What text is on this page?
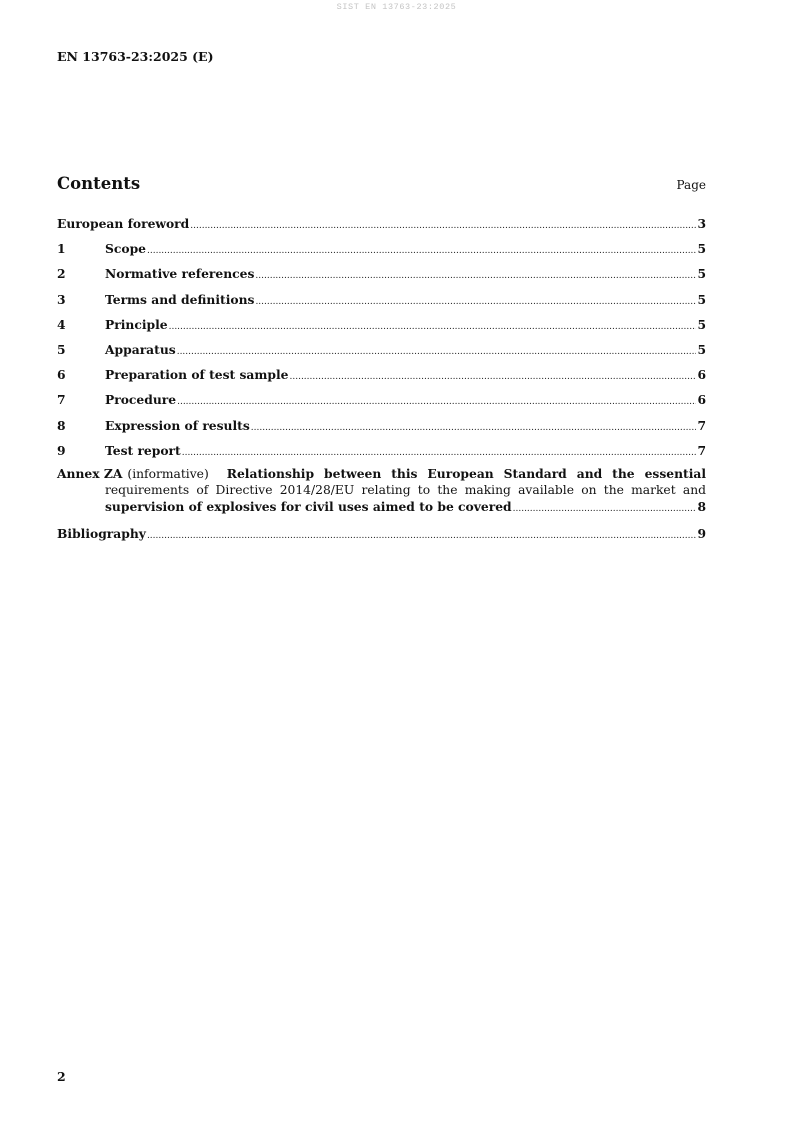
SIST EN 13763-23:2025
EN 13763-23:2025 (E)
Contents	Page
European foreword .....	3
1	Scope .....	5
2	Normative references .....	5
3	Terms and definitions .....	5
4	Principle .....	5
5	Apparatus .....	5
6	Preparation of test sample .....	6
7	Procedure .....	6
8	Expression of results .....	7
9	Test report .....	7
Annex ZA (informative) Relationship between this European Standard and the essential
requirements of Directive 2014/28/EU relating to the making available on the market and
supervision of explosives for civil uses aimed to be covered .....	8
Bibliography .....	9
2
